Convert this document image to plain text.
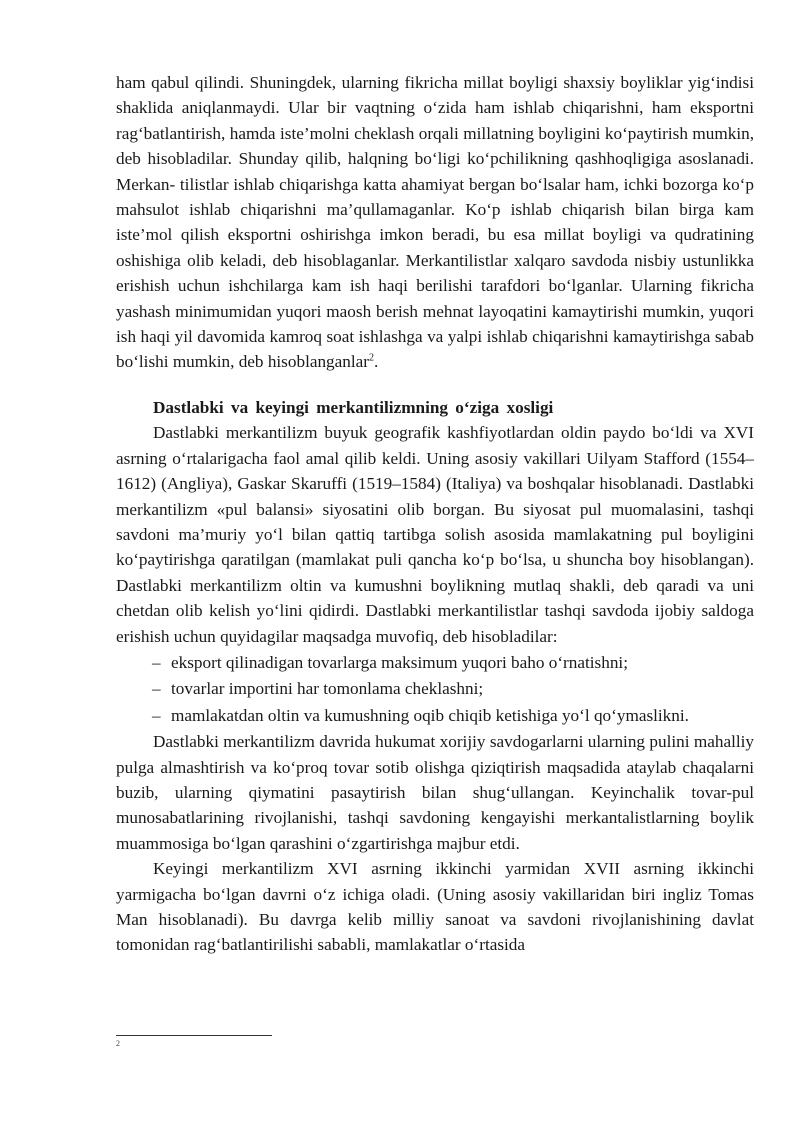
ham qabul qilindi. Shuningdek, ularning fikricha millat boyligi shaxsiy boyliklar yig‘indisi shaklida aniqlanmaydi. Ular bir vaqtning o‘zida ham ishlab chiqarishni, ham eksportni rag‘batlantirish, hamda iste’molni cheklash orqali millatning boyligini ko‘paytirish mumkin, deb hisobladilar. Shunday qilib, halqning bo‘ligi ko‘pchilikning qashhoqligiga asoslanadi. Merkan- tilistlar ishlab chiqarishga katta ahamiyat bergan bo‘lsalar ham, ichki bozorga ko‘p mahsulot ishlab chiqarishni ma’qullamaganlar. Ko‘p ishlab chiqarish bilan birga kam iste’mol qilish eksportni oshirishga imkon beradi, bu esa millat boyligi va qudratining oshishiga olib keladi, deb hisoblaganlar. Merkantilistlar xalqaro savdoda nisbiy ustunlikka erishish uchun ishchilarga kam ish haqi berilishi tarafdori bo‘lganlar. Ularning fikricha yashash minimumidan yuqori maosh berish mehnat layoqatini kamaytirishi mumkin, yuqori ish haqi yil davomida kamroq soat ishlashga va yalpi ishlab chiqarishni kamaytirishga sabab bo‘lishi mumkin, deb hisoblanganlar$^2$.

Dastlabki va keyingi merkantilizmning o‘ziga xosligi

Dastlabki merkantilizm buyuk geografik kashfiyotlardan oldin paydo bo‘ldi va XVI asrning o‘rtalarigacha faol amal qilib keldi. Uning asosiy vakillari Uilyam Stafford (1554–1612) (Angliya), Gaskar Skaruffi (1519–1584) (Italiya) va boshqalar hisoblanadi. Dastlabki merkantilizm «pul balansi» siyosatini olib borgan. Bu siyosat pul muomalasini, tashqi savdoni ma’muriy yo‘l bilan qattiq tartibga solish asosida mamlakatning pul boyligini ko‘paytirishga qaratilgan (mamlakat puli qancha ko‘p bo‘lsa, u shuncha boy hisoblangan). Dastlabki merkantilizm oltin va kumushni boylikning mutlaq shakli, deb qaradi va uni chetdan olib kelish yo‘lini qidirdi. Dastlabki merkantilistlar tashqi savdoda ijobiy saldoga erishish uchun quyidagilar maqsadga muvofiq, deb hisobladilar:

– eksport qilinadigan tovarlarga maksimum yuqori baho o‘rnatishni;
– tovarlar importini har tomonlama cheklashni;
– mamlakatdan oltin va kumushning oqib chiqib ketishiga yo‘l qo‘ymaslikni.

Dastlabki merkantilizm davrida hukumat xorijiy savdogarlarni ularning pulini mahalliy pulga almashtirish va ko‘proq tovar sotib olishga qiziqtirish maqsadida ataylab chaqalarni buzib, ularning qiymatini pasaytirish bilan shug‘ullangan. Keyinchalik tovar-pul munosabatlarining rivojlanishi, tashqi savdoning kengayishi merkantalistlarning boylik muammosiga bo‘lgan qarashini o‘zgartirishga majbur etdi.

Keyingi merkantilizm XVI asrning ikkinchi yarmidan XVII asrning ikkinchi yarmigacha bo‘lgan davrni o‘z ichiga oladi. (Uning asosiy vakillaridan biri ingliz Tomas Man hisoblanadi). Bu davrga kelib milliy sanoat va savdoni rivojlanishining davlat tomonidan rag‘batlantirilishi sababli, mamlakatlar o‘rtasida

2
